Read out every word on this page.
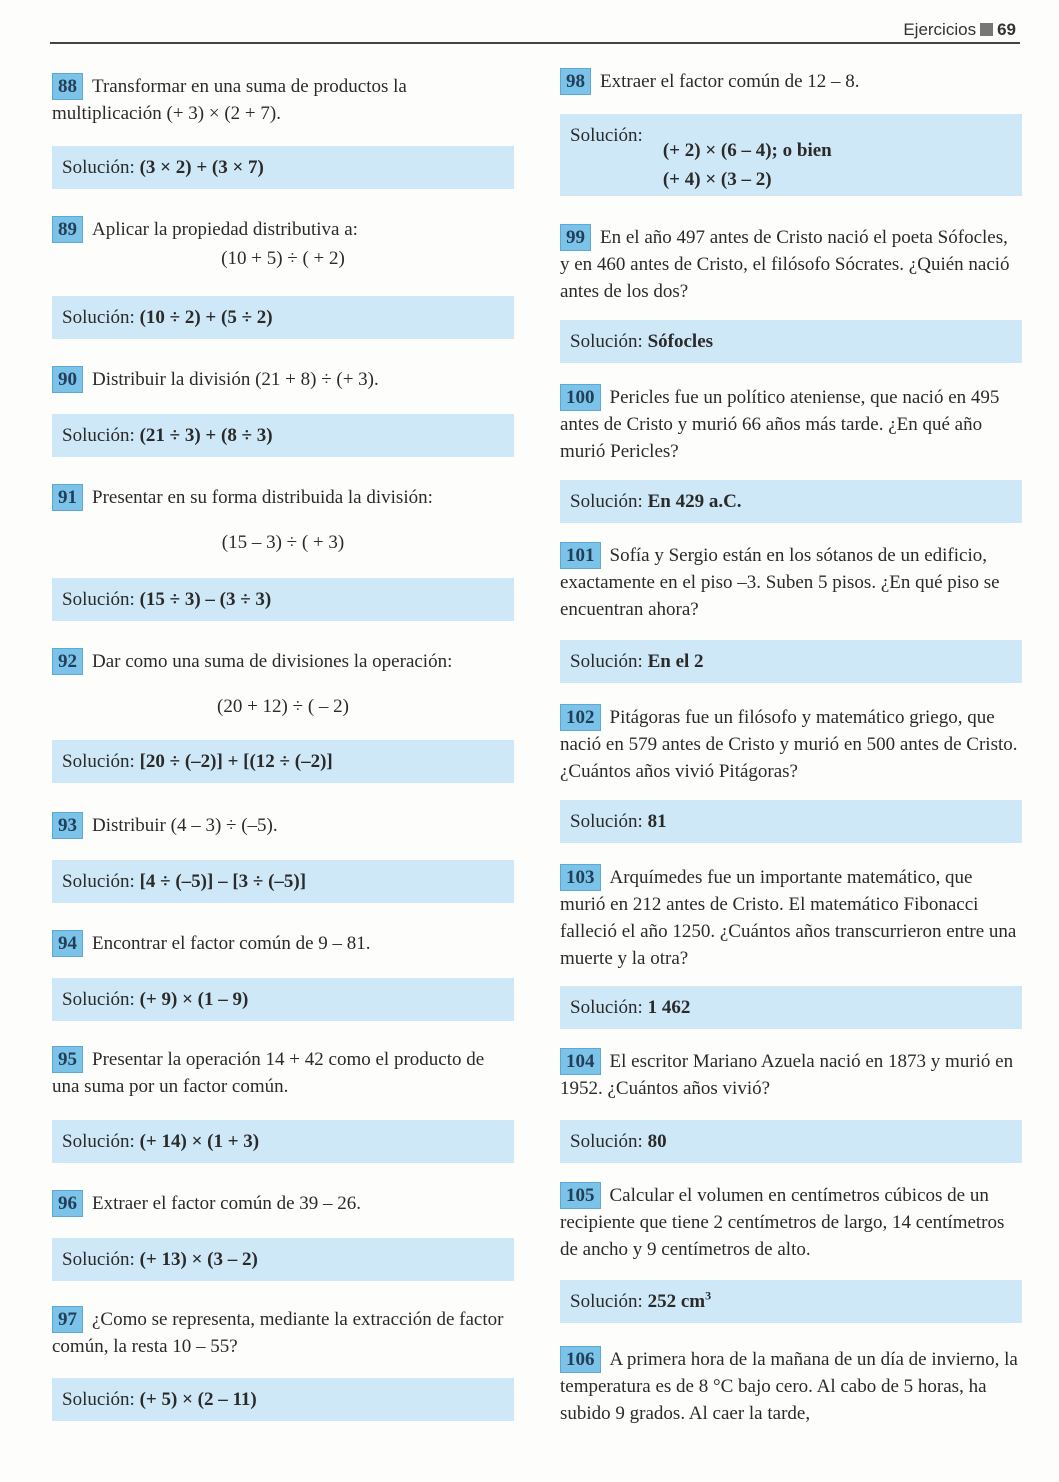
Ejercicios 69
88 Transformar en una suma de productos la multiplicación (+ 3) × (2 + 7).
Solución: (3 × 2) + (3 × 7)
89 Aplicar la propiedad distributiva a:
(10 + 5) ÷ ( + 2)
Solución: (10 ÷ 2) + (5 ÷ 2)
90 Distribuir la división (21 + 8) ÷ (+ 3).
Solución: (21 ÷ 3) + (8 ÷ 3)
91 Presentar en su forma distribuida la división:
(15 – 3) ÷ ( + 3)
Solución: (15 ÷ 3) – (3 ÷ 3)
92 Dar como una suma de divisiones la operación:
(20 + 12) ÷ ( – 2)
Solución: [20 ÷ (–2)] + [(12 ÷ (–2)]
93 Distribuir (4 – 3) ÷ (–5).
Solución: [4 ÷ (–5)] – [3 ÷ (–5)]
94 Encontrar el factor común de 9 – 81.
Solución: (+ 9) × (1 – 9)
95 Presentar la operación 14 + 42 como el producto de una suma por un factor común.
Solución: (+ 14) × (1 + 3)
96 Extraer el factor común de 39 – 26.
Solución: (+ 13) × (3 – 2)
97 ¿Como se representa, mediante la extracción de factor común, la resta 10 – 55?
Solución: (+ 5) × (2 – 11)
98 Extraer el factor común de 12 – 8.
Solución:
(+ 2) × (6 – 4); o bien
(+ 4) × (3 – 2)
99 En el año 497 antes de Cristo nació el poeta Sófocles, y en 460 antes de Cristo, el filósofo Sócrates. ¿Quién nació antes de los dos?
Solución: Sófocles
100 Pericles fue un político ateniense, que nació en 495 antes de Cristo y murió 66 años más tarde. ¿En qué año murió Pericles?
Solución: En 429 a.C.
101 Sofía y Sergio están en los sótanos de un edificio, exactamente en el piso –3. Suben 5 pisos. ¿En qué piso se encuentran ahora?
Solución: En el 2
102 Pitágoras fue un filósofo y matemático griego, que nació en 579 antes de Cristo y murió en 500 antes de Cristo. ¿Cuántos años vivió Pitágoras?
Solución: 81
103 Arquímedes fue un importante matemático, que murió en 212 antes de Cristo. El matemático Fibonacci falleció el año 1250. ¿Cuántos años transcurrieron entre una muerte y la otra?
Solución: 1 462
104 El escritor Mariano Azuela nació en 1873 y murió en 1952. ¿Cuántos años vivió?
Solución: 80
105 Calcular el volumen en centímetros cúbicos de un recipiente que tiene 2 centímetros de largo, 14 centímetros de ancho y 9 centímetros de alto.
Solución: 252 $cm^3$
106 A primera hora de la mañana de un día de invierno, la temperatura es de 8 °C bajo cero. Al cabo de 5 horas, ha subido 9 grados. Al caer la tarde,
